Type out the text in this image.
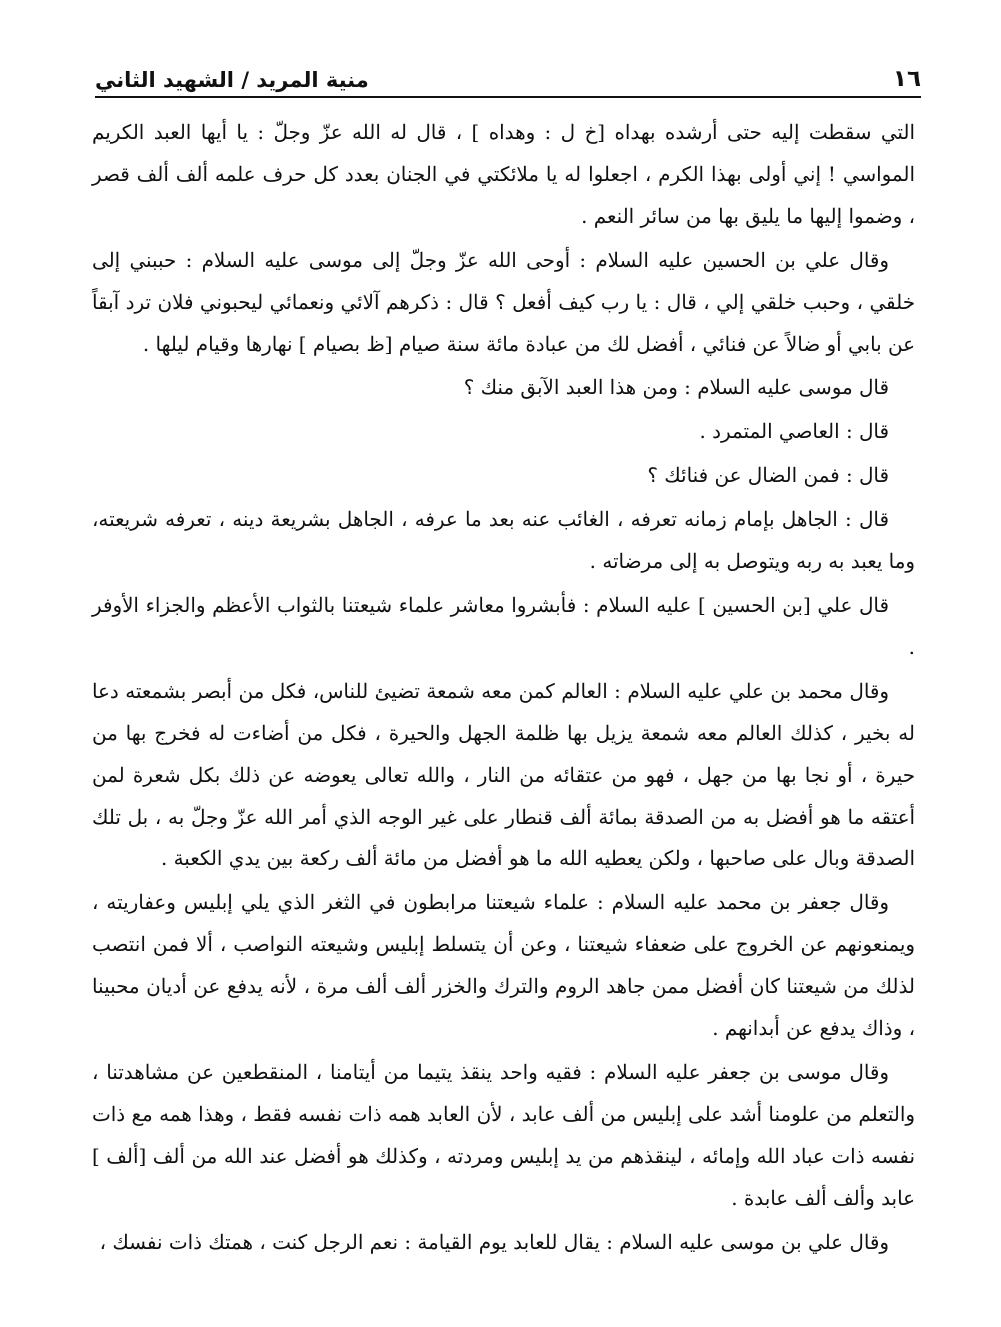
١٦
منية المريد / الشهيد الثاني

التي سقطت إليه حتى أرشده بهداه [خ ل : وهداه ] ، قال له الله عزّ وجلّ : يا أيها العبد الكريم المواسي ! إني أولى بهذا الكرم ، اجعلوا له يا ملائكتي في الجنان بعدد كل حرف علمه ألف ألف قصر ، وضموا إليها ما يليق بها من سائر النعم .

وقال علي بن الحسين عليه السلام : أوحى الله عزّ وجلّ إلى موسى عليه السلام : حببني إلى خلقي ، وحبب خلقي إلي ، قال : يا رب كيف أفعل ؟ قال : ذكرهم آلائي ونعمائي ليحبوني فلان ترد آبقاً عن بابي أو ضالاً عن فنائي ، أفضل لك من عبادة مائة سنة صيام [ظ بصيام ] نهارها وقيام ليلها .

قال موسى عليه السلام : ومن هذا العبد الآبق منك ؟

قال : العاصي المتمرد .

قال : فمن الضال عن فنائك ؟

قال : الجاهل بإمام زمانه تعرفه ، الغائب عنه بعد ما عرفه ، الجاهل بشريعة دينه ، تعرفه شريعته، وما يعبد به ربه ويتوصل به إلى مرضاته .

قال علي [بن الحسين ] عليه السلام : فأبشروا معاشر علماء شيعتنا بالثواب الأعظم والجزاء الأوفر .

وقال محمد بن علي عليه السلام : العالم كمن معه شمعة تضيئ للناس، فكل من أبصر بشمعته دعا له بخير ، كذلك العالم معه شمعة يزيل بها ظلمة الجهل والحيرة ، فكل من أضاءت له فخرج بها من حيرة ، أو نجا بها من جهل ، فهو من عتقائه من النار ، والله تعالى يعوضه عن ذلك بكل شعرة لمن أعتقه ما هو أفضل به من الصدقة بمائة ألف قنطار على غير الوجه الذي أمر الله عزّ وجلّ به ، بل تلك الصدقة وبال على صاحبها ، ولكن يعطيه الله ما هو أفضل من مائة ألف ركعة بين يدي الكعبة .

وقال جعفر بن محمد عليه السلام : علماء شيعتنا مرابطون في الثغر الذي يلي إبليس وعفاريته ، ويمنعونهم عن الخروج على ضعفاء شيعتنا ، وعن أن يتسلط إبليس وشيعته النواصب ، ألا فمن انتصب لذلك من شيعتنا كان أفضل ممن جاهد الروم والترك والخزر ألف ألف مرة ، لأنه يدفع عن أديان محبينا ، وذاك يدفع عن أبدانهم .

وقال موسى بن جعفر عليه السلام : فقيه واحد ينقذ يتيما من أيتامنا ، المنقطعين عن مشاهدتنا ، والتعلم من علومنا أشد على إبليس من ألف عابد ، لأن العابد همه ذات نفسه فقط ، وهذا همه مع ذات نفسه ذات عباد الله وإمائه ، لينقذهم من يد إبليس ومردته ، وكذلك هو أفضل عند الله من ألف [ألف ] عابد وألف ألف عابدة .

وقال علي بن موسى عليه السلام : يقال للعابد يوم القيامة : نعم الرجل كنت ، همتك ذات نفسك ،
